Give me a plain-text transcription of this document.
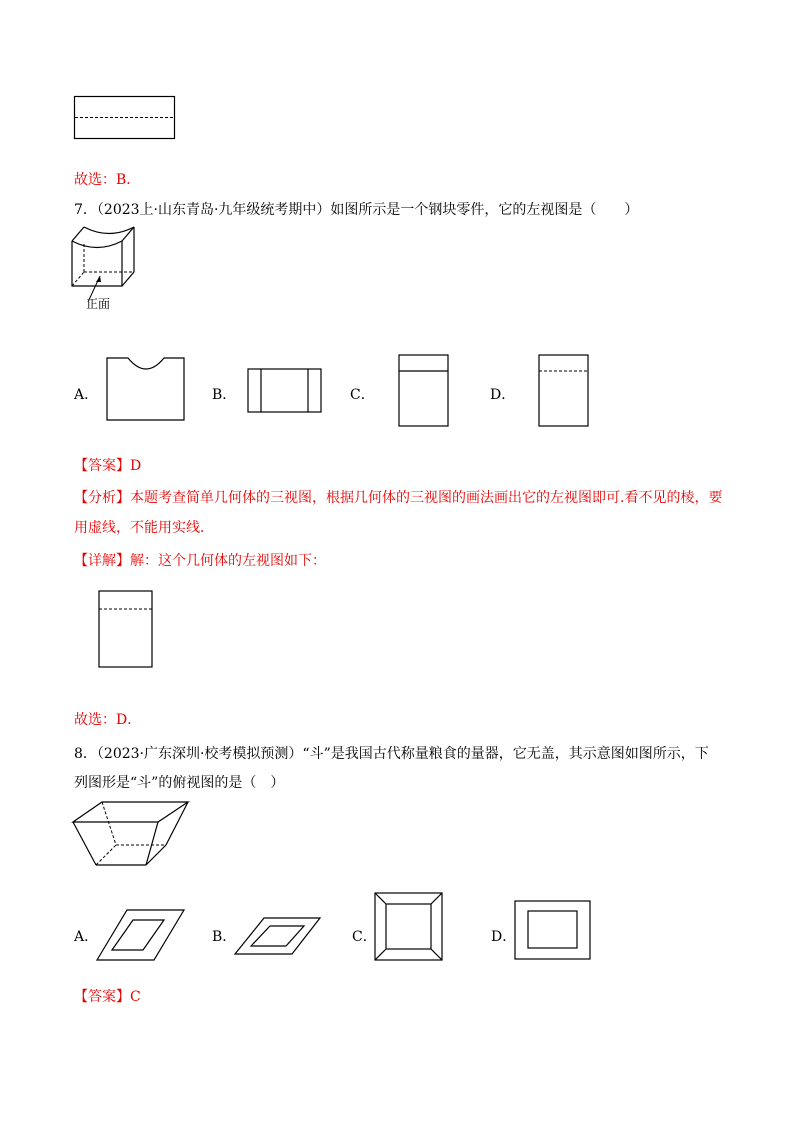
故选：B．
7．（2023上·山东青岛·九年级统考期中）如图所示是一个钢块零件，它的左视图是（　　）
正面
A．	B．	C．	D．
【答案】D
【分析】本题考查简单几何体的三视图，根据几何体的三视图的画法画出它的左视图即可.看不见的棱，要
用虚线，不能用实线．
【详解】解：这个几何体的左视图如下：
故选：D．
8．（2023·广东深圳·校考模拟预测）“斗”是我国古代称量粮食的量器，它无盖，其示意图如图所示，下
列图形是“斗”的俯视图的是（　）
A．	B．	C．	D．
【答案】C
